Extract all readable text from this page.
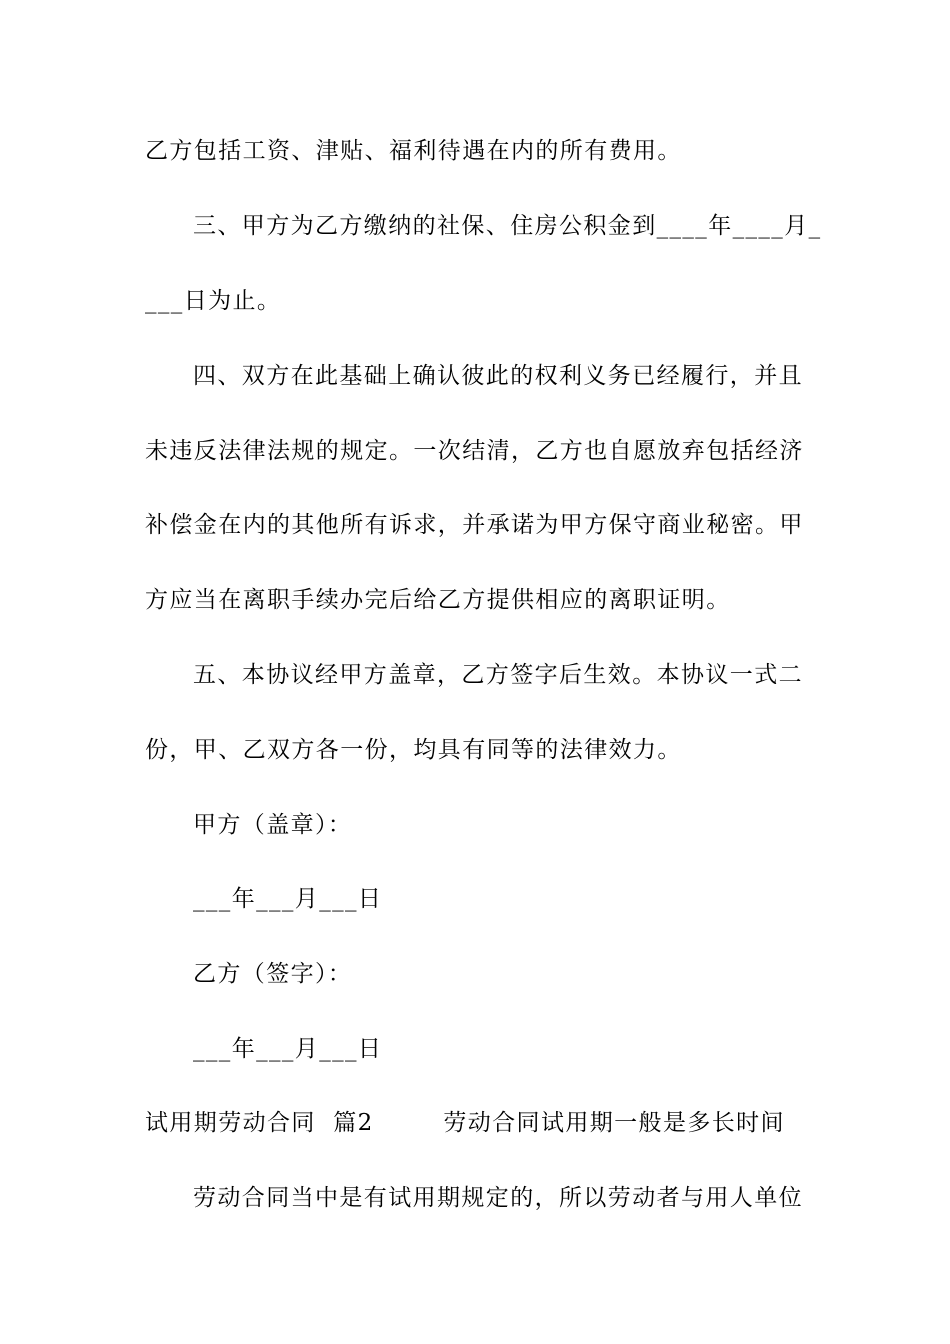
乙方包括工资、津贴、福利待遇在内的所有费用。
三、甲方为乙方缴纳的社保、住房公积金到____年____月_
___日为止。
四、双方在此基础上确认彼此的权利义务已经履行，并且
未违反法律法规的规定。一次结清，乙方也自愿放弃包括经济
补偿金在内的其他所有诉求，并承诺为甲方保守商业秘密。甲
方应当在离职手续办完后给乙方提供相应的离职证明。
五、本协议经甲方盖章，乙方签字后生效。本协议一式二
份，甲、乙双方各一份，均具有同等的法律效力。
甲方（盖章）：
___年___月___日
乙方（签字）：
___年___月___日
试用期劳动合同  篇2        劳动合同试用期一般是多长时间
劳动合同当中是有试用期规定的，所以劳动者与用人单位
